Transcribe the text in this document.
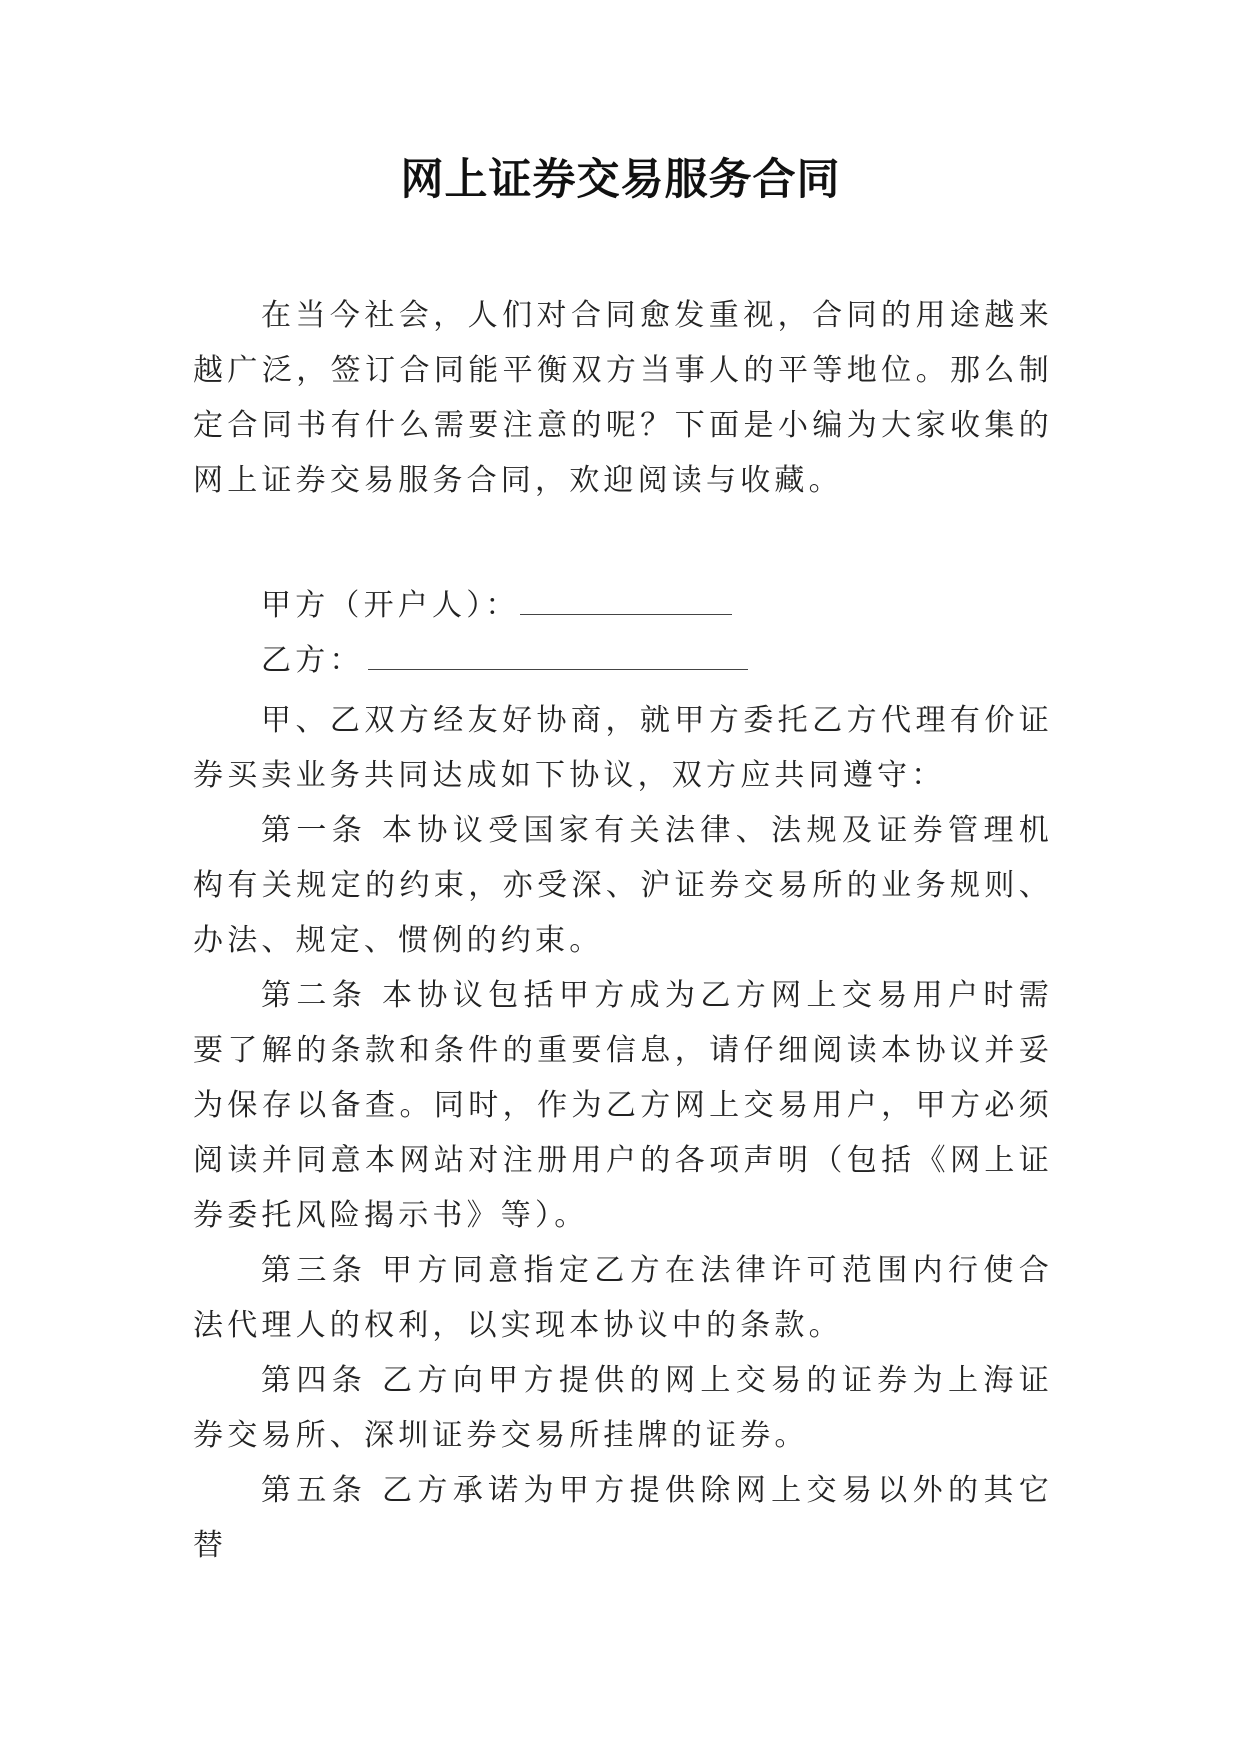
网上证券交易服务合同

在当今社会，人们对合同愈发重视，合同的用途越来越广泛，签订合同能平衡双方当事人的平等地位。那么制定合同书有什么需要注意的呢？下面是小编为大家收集的网上证券交易服务合同，欢迎阅读与收藏。

甲方（开户人）：
乙方：

甲、乙双方经友好协商，就甲方委托乙方代理有价证券买卖业务共同达成如下协议，双方应共同遵守：

第一条 本协议受国家有关法律、法规及证券管理机构有关规定的约束，亦受深、沪证券交易所的业务规则、办法、规定、惯例的约束。

第二条 本协议包括甲方成为乙方网上交易用户时需要了解的条款和条件的重要信息，请仔细阅读本协议并妥为保存以备查。同时，作为乙方网上交易用户，甲方必须阅读并同意本网站对注册用户的各项声明（包括《网上证券委托风险揭示书》等）。

第三条 甲方同意指定乙方在法律许可范围内行使合法代理人的权利，以实现本协议中的条款。

第四条 乙方向甲方提供的网上交易的证券为上海证券交易所、深圳证券交易所挂牌的证券。

第五条 乙方承诺为甲方提供除网上交易以外的其它替
